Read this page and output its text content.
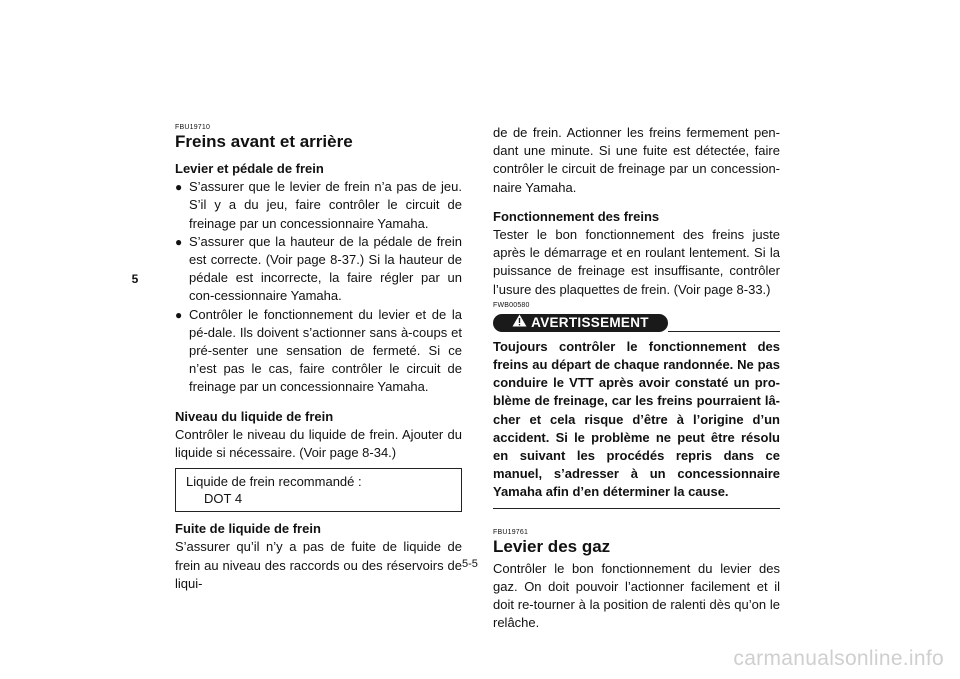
5
FBU19710
Freins avant et arrière
Levier et pédale de frein
● S’assurer que le levier de frein n’a pas de jeu. S’il y a du jeu, faire contrôler le circuit de freinage par un concessionnaire Yamaha.
● S’assurer que la hauteur de la pédale de frein est correcte. (Voir page 8-37.) Si la hauteur de pédale est incorrecte, la faire régler par un con-cessionnaire Yamaha.
● Contrôler le fonctionnement du levier et de la pé-dale. Ils doivent s’actionner sans à-coups et pré-senter une sensation de fermeté. Si ce n’est pas le cas, faire contrôler le circuit de freinage par un concessionnaire Yamaha.
Niveau du liquide de frein

Contrôler le niveau du liquide de frein. Ajouter du liquide si nécessaire. (Voir page 8-34.)

Liquide de frein recommandé :
DOT 4
Fuite de liquide de frein

S’assurer qu’il n’y a pas de fuite de liquide de frein au niveau des raccords ou des réservoirs de liqui-

de de frein. Actionner les freins fermement pen-dant une minute. Si une fuite est détectée, faire contrôler le circuit de freinage par un concession-naire Yamaha.

Fonctionnement des freins

Tester le bon fonctionnement des freins juste après le démarrage et en roulant lentement. Si la puissance de freinage est insuffisante, contrôler l’usure des plaquettes de frein. (Voir page 8-33.)

FWB00580
AVERTISSEMENT
Toujours contrôler le fonctionnement des freins au départ de chaque randonnée. Ne pas conduire le VTT après avoir constaté un pro-blème de freinage, car les freins pourraient lâ-cher et cela risque d’être à l’origine d’un accident. Si le problème ne peut être résolu en suivant les procédés repris dans ce manuel, s’adresser à un concessionnaire Yamaha afin d’en déterminer la cause.
FBU19761
Levier des gaz

Contrôler le bon fonctionnement du levier des gaz. On doit pouvoir l’actionner facilement et il doit re-tourner à la position de ralenti dès qu’on le relâche.

5-5
carmanualsonline.info
